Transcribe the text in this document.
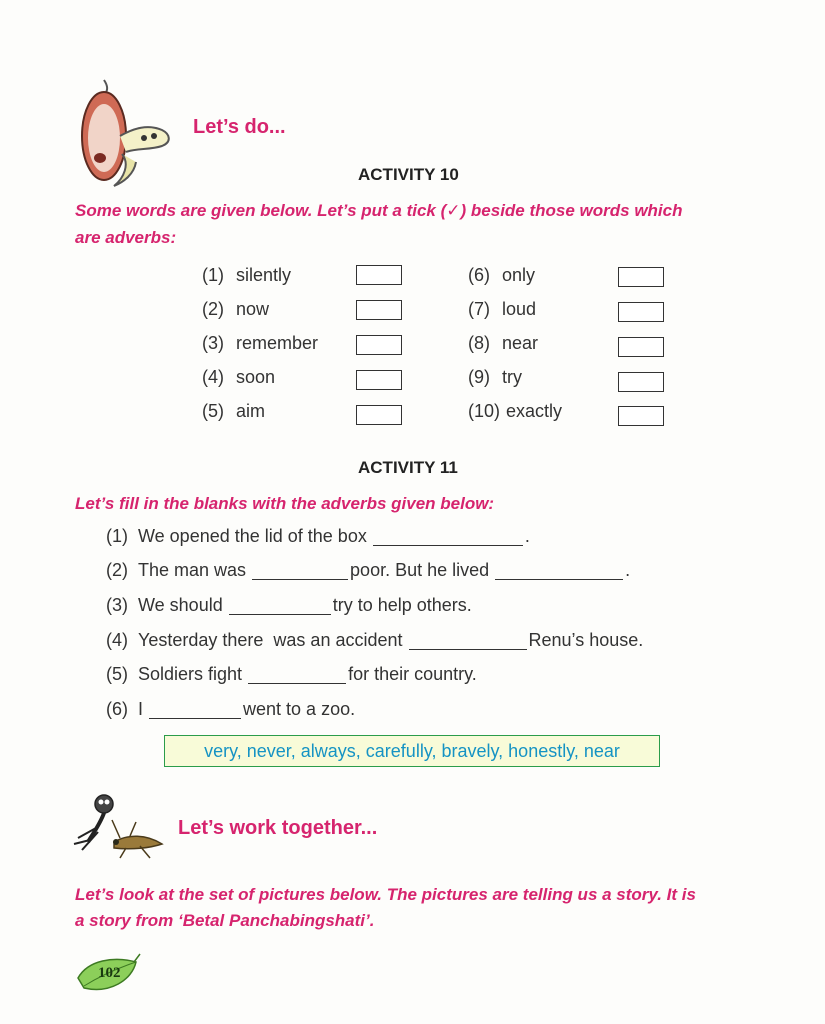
Let’s do...
ACTIVITY 10
Some words are given below. Let’s put a tick (✓) beside those words which
are adverbs:
(1) silently
(2) now
(3) remember
(4) soon
(5) aim
(6) only
(7) loud
(8) near
(9) try
(10) exactly
ACTIVITY 11
Let’s fill in the blanks with the adverbs given below:
(1) We opened the lid of the box	.
(2) The man was	poor. But he lived	.
(3) We should	try to help others.
(4) Yesterday there  was an accident	Renu’s house.
(5) Soldiers fight	for their country.
(6) I	went to a zoo.
very, never, always, carefully, bravely, honestly, near
Let’s work together...
Let’s look at the set of pictures below. The pictures are telling us a story. It is
a story from ‘Betal Panchabingshati’.
102
